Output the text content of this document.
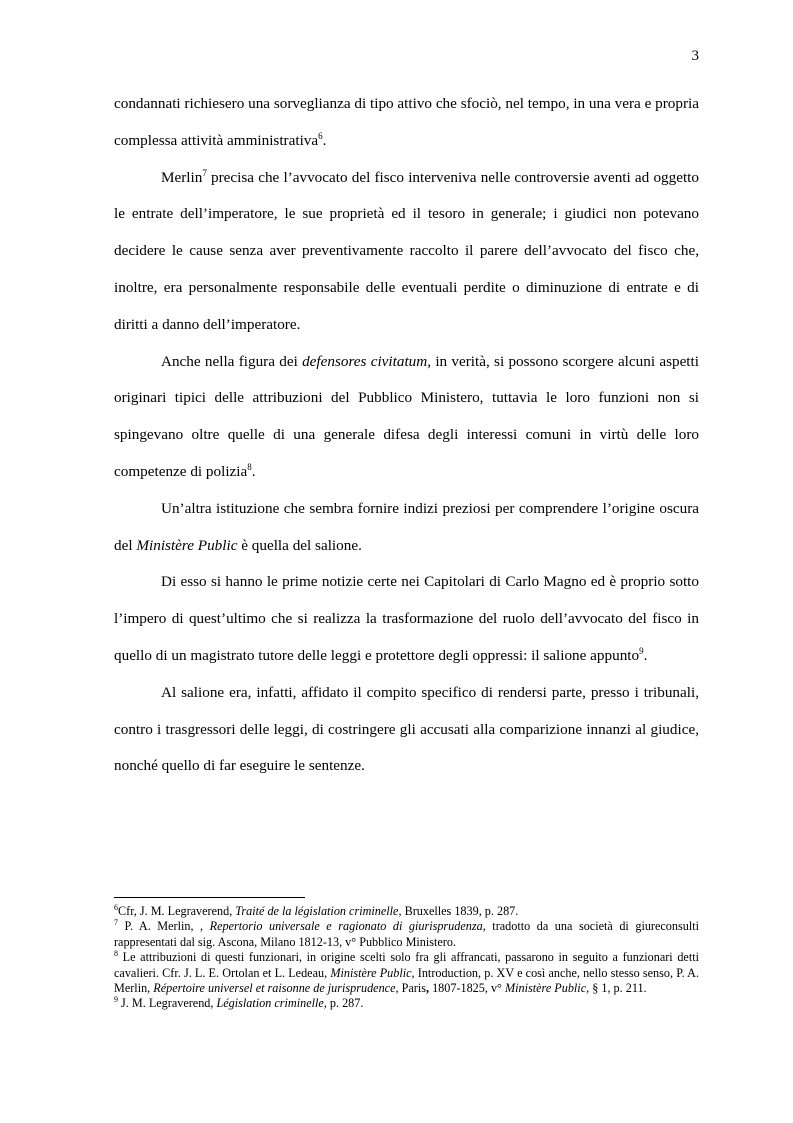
3

condannati richiesero una sorveglianza di tipo attivo che sfociò, nel tempo, in una vera e propria complessa attività amministrativa$^6$.

Merlin$^7$ precisa che l’avvocato del fisco interveniva nelle controversie aventi ad oggetto le entrate dell’imperatore, le sue proprietà ed il tesoro in generale; i giudici non potevano decidere le cause senza aver preventivamente raccolto il parere dell’avvocato del fisco che, inoltre, era personalmente responsabile delle eventuali perdite o diminuzione di entrate e di diritti a danno dell’imperatore.

Anche nella figura dei defensores civitatum, in verità, si possono scorgere alcuni aspetti originari tipici delle attribuzioni del Pubblico Ministero, tuttavia le loro funzioni non si spingevano oltre quelle di una generale difesa degli interessi comuni in virtù delle loro competenze di polizia$^8$.

Un’altra istituzione che sembra fornire indizi preziosi per comprendere l’origine oscura del Ministère Public è quella del salione.

Di esso si hanno le prime notizie certe nei Capitolari di Carlo Magno ed è proprio sotto l’impero di quest’ultimo che si realizza la trasformazione del ruolo dell’avvocato del fisco in quello di un magistrato tutore delle leggi e protettore degli oppressi: il salione appunto$^9$.

Al salione era, infatti, affidato il compito specifico di rendersi parte, presso i tribunali, contro i trasgressori delle leggi, di costringere gli accusati alla comparizione innanzi al giudice, nonché quello di far eseguire le sentenze.

$^6$Cfr, J. M. Legraverend, Traité de la législation criminelle, Bruxelles 1839, p. 287.

$^7$ P. A. Merlin, , Repertorio universale e ragionato di giurisprudenza, tradotto da una società di giureconsulti rappresentati dal sig. Ascona, Milano 1812-13, v° Pubblico Ministero.

$^8$ Le attribuzioni di questi funzionari, in origine scelti solo fra gli affrancati, passarono in seguito a funzionari detti cavalieri. Cfr. J. L. E. Ortolan et L. Ledeau, Ministère Public, Introduction, p. XV e così anche, nello stesso senso, P. A. Merlin, Répertoire universel et raisonne de jurisprudence, Paris, 1807-1825, v° Ministère Public, § 1, p. 211.

$^9$ J. M. Legraverend, Législation criminelle, p. 287.
